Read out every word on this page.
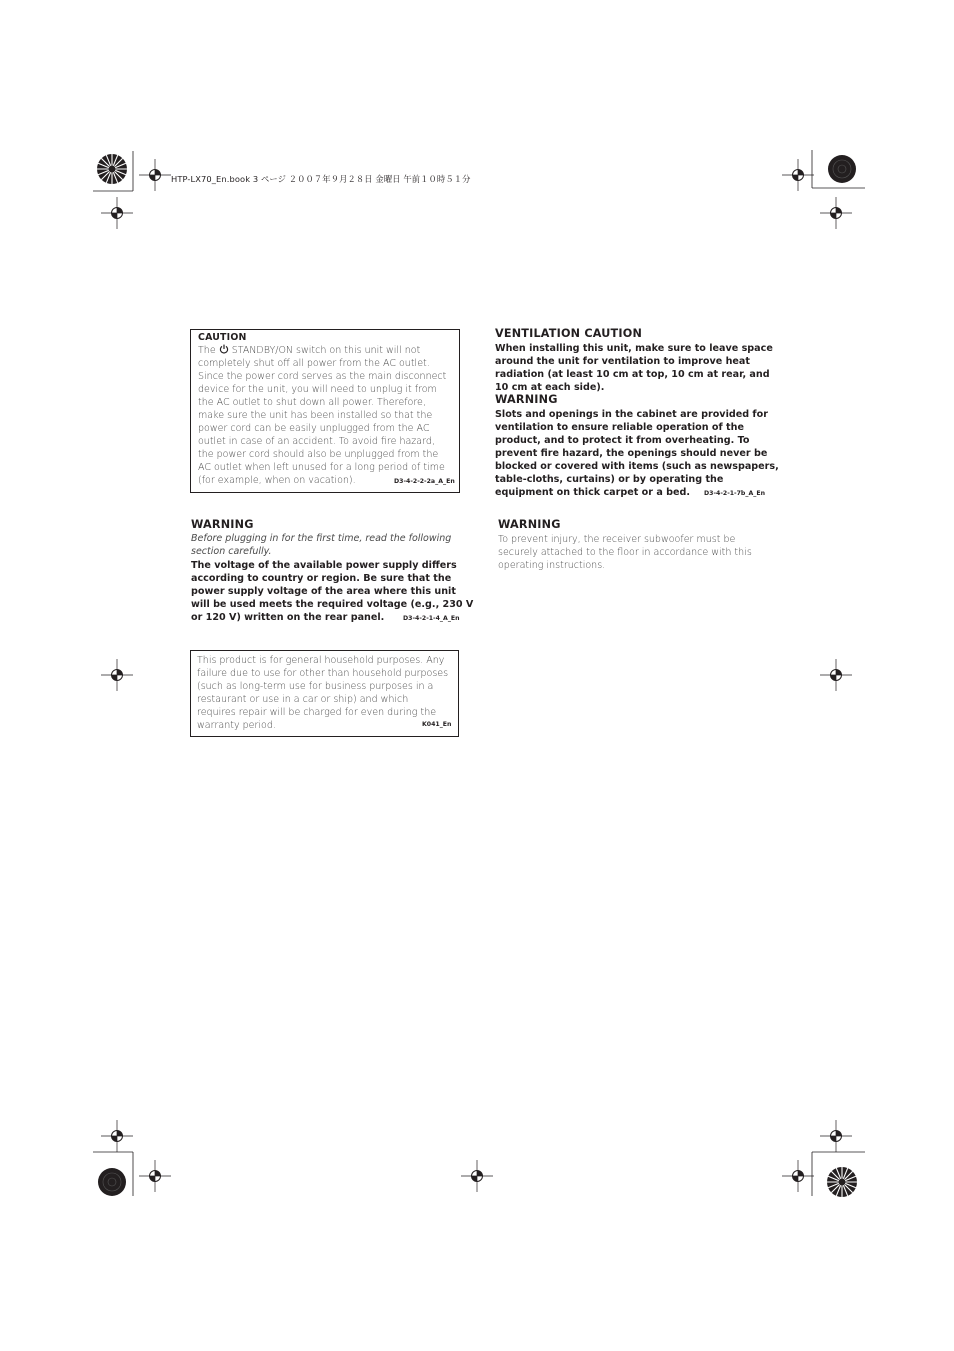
HTP-LX70_En.book 3 ページ ２００７年９月２８日 金曜日 午前１０時５１分
CAUTION
The STANDBY/ON switch on this unit will not
completely shut off all power from the AC outlet.
Since the power cord serves as the main disconnect
device for the unit, you will need to unplug it from
the AC outlet to shut down all power. Therefore,
make sure the unit has been installed so that the
power cord can be easily unplugged from the AC
outlet in case of an accident. To avoid fire hazard,
the power cord should also be unplugged from the
AC outlet when left unused for a long period of time
(for example, when on vacation).	D3-4-2-2-2a_A_En
VENTILATION CAUTION
When installing this unit, make sure to leave space
around the unit for ventilation to improve heat
radiation (at least 10 cm at top, 10 cm at rear, and
10 cm at each side).
WARNING
Slots and openings in the cabinet are provided for
ventilation to ensure reliable operation of the
product, and to protect it from overheating. To
prevent fire hazard, the openings should never be
blocked or covered with items (such as newspapers,
table-cloths, curtains) or by operating the
equipment on thick carpet or a bed.	D3-4-2-1-7b_A_En
WARNING
Before plugging in for the first time, read the following
section carefully.
The voltage of the available power supply differs
according to country or region. Be sure that the
power supply voltage of the area where this unit
will be used meets the required voltage (e.g., 230 V
or 120 V) written on the rear panel.	D3-4-2-1-4_A_En
WARNING
To prevent injury, the receiver subwoofer must be
securely attached to the floor in accordance with this
operating instructions.
This product is for general household purposes. Any
failure due to use for other than household purposes
(such as long-term use for business purposes in a
restaurant or use in a car or ship) and which
requires repair will be charged for even during the
warranty period.	K041_En
